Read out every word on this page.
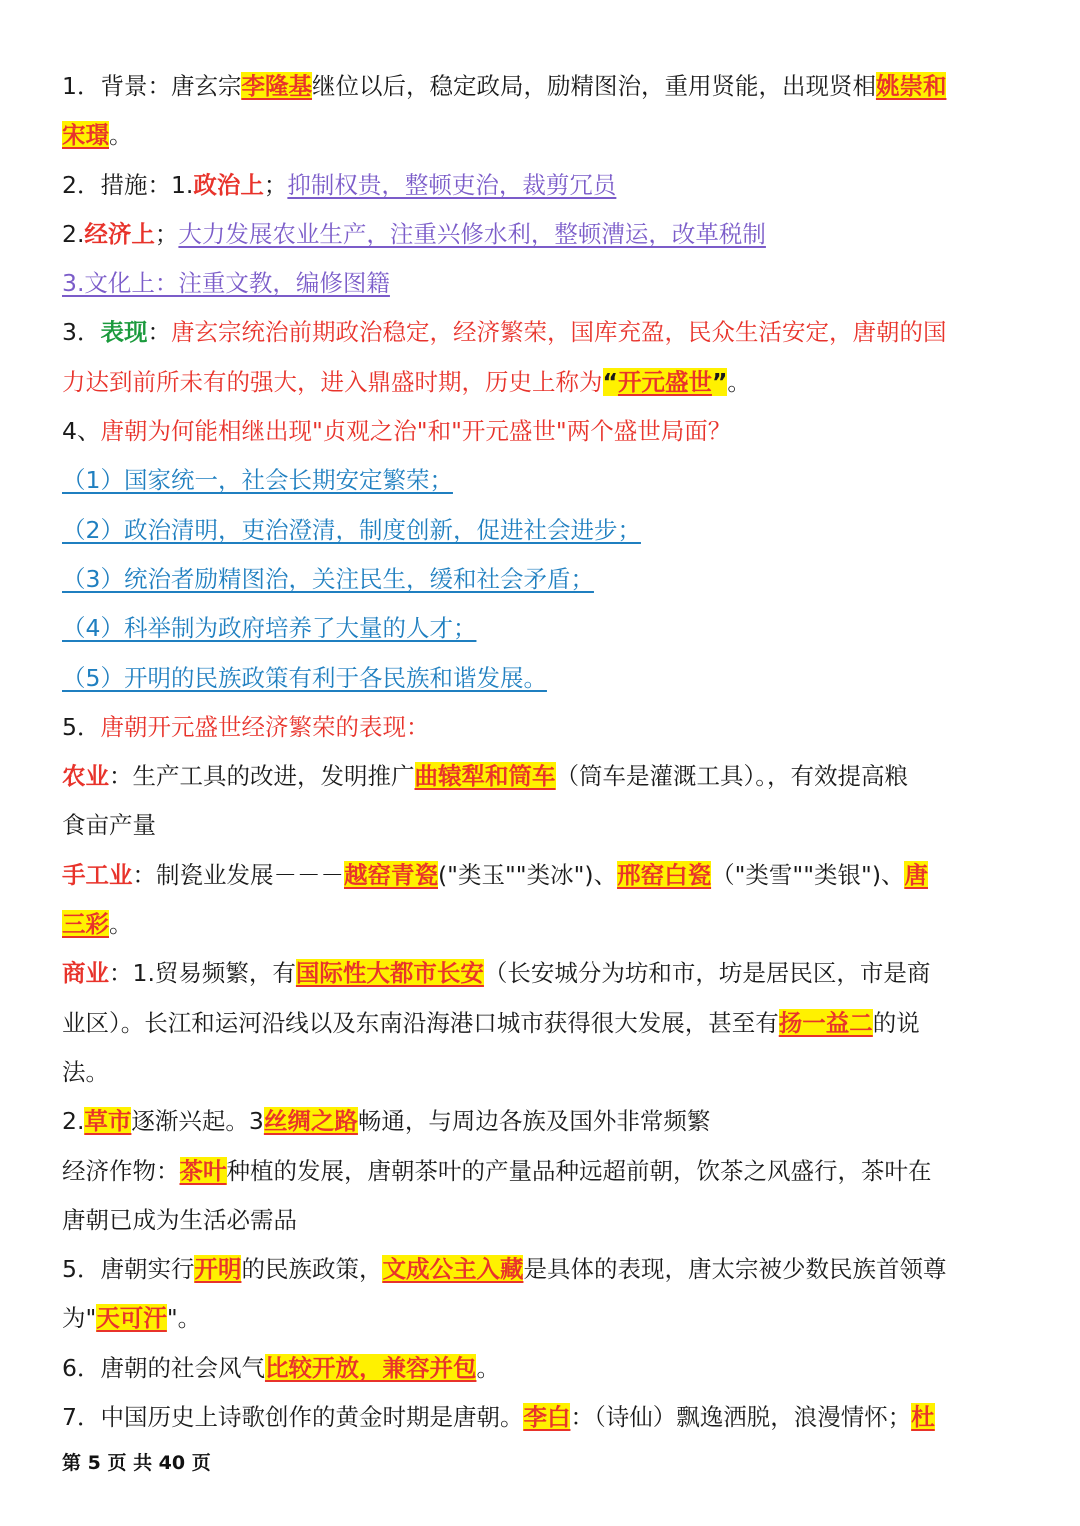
1．背景：唐玄宗李隆基继位以后，稳定政局，励精图治，重用贤能，出现贤相姚崇和
宋璟。
2．措施：1.政治上；抑制权贵，整顿吏治，裁剪冗员
2.经济上；大力发展农业生产，注重兴修水利，整顿漕运，改革税制
3.文化上：注重文教，编修图籍
3．表现：唐玄宗统治前期政治稳定，经济繁荣，国库充盈，民众生活安定，唐朝的国
力达到前所未有的强大，进入鼎盛时期，历史上称为“开元盛世”。
4、唐朝为何能相继出现"贞观之治"和"开元盛世"两个盛世局面？
（1）国家统一，社会长期安定繁荣；
（2）政治清明，吏治澄清，制度创新，促进社会进步；
（3）统治者励精图治，关注民生，缓和社会矛盾；
（4）科举制为政府培养了大量的人才；
（5）开明的民族政策有利于各民族和谐发展。
5．唐朝开元盛世经济繁荣的表现：
农业：生产工具的改进，发明推广曲辕犁和筒车（筒车是灌溉工具）。，有效提高粮
食亩产量
手工业：制瓷业发展－－－越窑青瓷("类玉""类冰")、邢窑白瓷（"类雪""类银")、唐
三彩。
商业：1.贸易频繁，有国际性大都市长安（长安城分为坊和市，坊是居民区，市是商
业区）。长江和运河沿线以及东南沿海港口城市获得很大发展，甚至有扬一益二的说
法。
2.草市逐渐兴起。3丝绸之路畅通，与周边各族及国外非常频繁
经济作物：茶叶种植的发展，唐朝茶叶的产量品种远超前朝，饮茶之风盛行，茶叶在
唐朝已成为生活必需品
5．唐朝实行开明的民族政策，文成公主入藏是具体的表现，唐太宗被少数民族首领尊
为"天可汗"。
6．唐朝的社会风气比较开放，兼容并包。
7．中国历史上诗歌创作的黄金时期是唐朝。李白：（诗仙）飘逸洒脱，浪漫情怀；杜
第 5 页 共 40 页
